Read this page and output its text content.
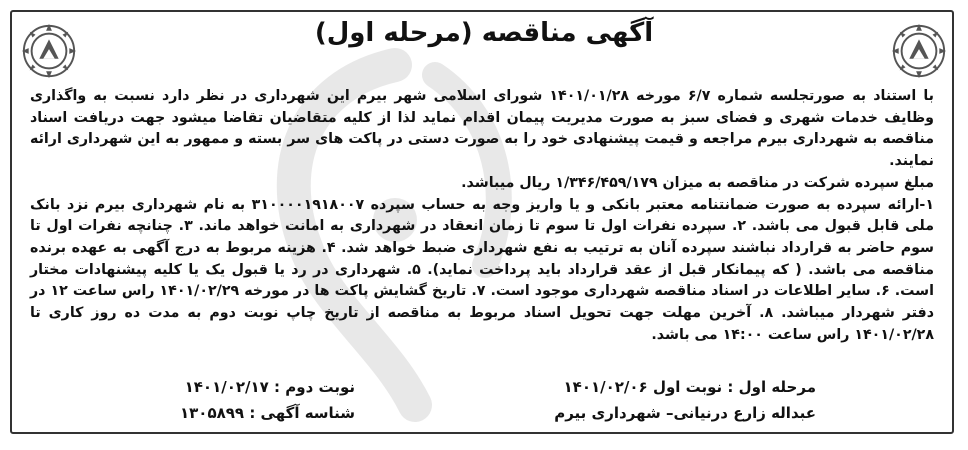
آگهی مناقصه (مرحله اول)

با استناد به صورتجلسه شماره ۶/۷ مورخه ۱۴۰۱/۰۱/۲۸ شورای اسلامی شهر بیرم این شهرداری در نظر دارد نسبت به واگذاری وظایف خدمات شهری و فضای سبز به صورت مدیریت پیمان اقدام نماید لذا از کلیه متقاضیان تقاضا میشود جهت دریافت اسناد مناقصه به شهرداری بیرم مراجعه و قیمت پیشنهادی خود را به صورت دستی در پاکت های سر بسته و ممهور به این شهرداری ارائه نمایند.

مبلغ سپرده شرکت در مناقصه به میزان ۱/۳۴۶/۴۵۹/۱۷۹ ریال میباشد.

۱-ارائه سپرده به صورت ضمانتنامه معتبر بانکی و یا واریز وجه به حساب سپرده ۳۱۰۰۰۰۱۹۱۸۰۰۷ به نام شهرداری بیرم نزد بانک ملی قابل قبول می باشد. ۲. سپرده نفرات اول تا سوم تا زمان انعقاد در شهرداری به امانت خواهد ماند. ۳. چنانچه نفرات اول تا سوم حاضر به قرارداد نباشند سپرده آنان به ترتیب به نفع شهرداری ضبط خواهد شد. ۴. هزینه مربوط به درج آگهی به عهده برنده مناقصه می باشد. ( که پیمانکار قبل از عقد قرارداد باید پرداخت نماید). ۵. شهرداری در رد یا قبول یک یا کلیه پیشنهادات مختار است. ۶. سایر اطلاعات در اسناد مناقصه شهرداری موجود است. ۷. تاریخ گشایش پاکت ها در مورخه ۱۴۰۱/۰۲/۲۹ راس ساعت ۱۲ در دفتر شهردار میباشد. ۸. آخرین مهلت جهت تحویل اسناد مربوط به مناقصه از تاریخ چاپ نوبت دوم به مدت ده روز کاری تا ۱۴۰۱/۰۲/۲۸ راس ساعت ۱۴:۰۰ می باشد.

مرحله اول : نوبت اول ۱۴۰۱/۰۲/۰۶
عبداله زارع درنیانی– شهرداری بیرم
نوبت دوم : ۱۴۰۱/۰۲/۱۷
شناسه آگهی : ۱۳۰۵۸۹۹
